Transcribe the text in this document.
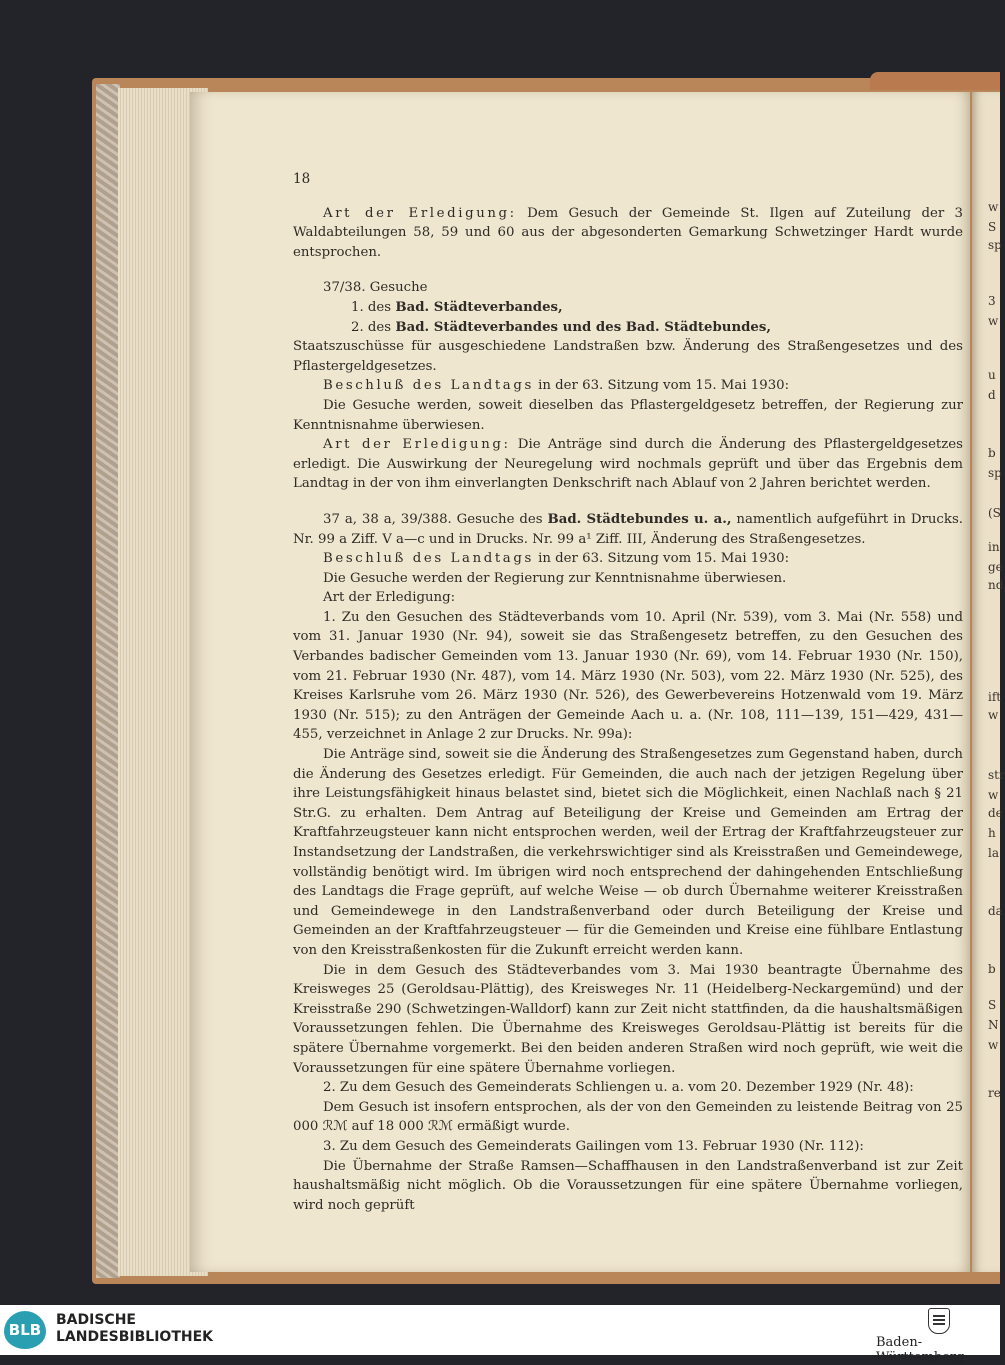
w
S
sp
3
w
u
d
b
sp
(S
in
ge
nd
ift
w
str
w
de
h
la
da
b
S
N
w
re
18

Art der Erledigung: Dem Gesuch der Gemeinde St. Ilgen auf Zuteilung der 3 Waldabteilungen 58, 59 und 60 aus der abgesonderten Gemarkung Schwetzinger Hardt wurde entsprochen.

37/38. Gesuche

1. des Bad. Städteverbandes,

2. des Bad. Städteverbandes und des Bad. Städtebundes,

Staatszuschüsse für ausgeschiedene Landstraßen bzw. Änderung des Straßengesetzes und des Pflastergeldgesetzes.

Beschluß des Landtags in der 63. Sitzung vom 15. Mai 1930:

Die Gesuche werden, soweit dieselben das Pflastergeldgesetz betreffen, der Regierung zur Kenntnisnahme überwiesen.

Art der Erledigung: Die Anträge sind durch die Änderung des Pflastergeldgesetzes erledigt. Die Auswirkung der Neuregelung wird nochmals geprüft und über das Ergebnis dem Landtag in der von ihm einverlangten Denkschrift nach Ablauf von 2 Jahren berichtet werden.

37 a, 38 a, 39/388. Gesuche des Bad. Städtebundes u. a., namentlich aufgeführt in Drucks. Nr. 99 a Ziff. V a—c und in Drucks. Nr. 99 a¹ Ziff. III, Änderung des Straßengesetzes.

Beschluß des Landtags in der 63. Sitzung vom 15. Mai 1930:

Die Gesuche werden der Regierung zur Kenntnisnahme überwiesen.

Art der Erledigung:

1. Zu den Gesuchen des Städteverbands vom 10. April (Nr. 539), vom 3. Mai (Nr. 558) und vom 31. Januar 1930 (Nr. 94), soweit sie das Straßengesetz betreffen, zu den Gesuchen des Verbandes badischer Gemeinden vom 13. Januar 1930 (Nr. 69), vom 14. Februar 1930 (Nr. 150), vom 21. Februar 1930 (Nr. 487), vom 14. März 1930 (Nr. 503), vom 22. März 1930 (Nr. 525), des Kreises Karlsruhe vom 26. März 1930 (Nr. 526), des Gewerbevereins Hotzenwald vom 19. März 1930 (Nr. 515); zu den Anträgen der Gemeinde Aach u. a. (Nr. 108, 111—139, 151—429, 431—455, verzeichnet in Anlage 2 zur Drucks. Nr. 99a):

Die Anträge sind, soweit sie die Änderung des Straßengesetzes zum Gegenstand haben, durch die Änderung des Gesetzes erledigt. Für Gemeinden, die auch nach der jetzigen Regelung über ihre Leistungsfähigkeit hinaus belastet sind, bietet sich die Möglichkeit, einen Nachlaß nach § 21 Str.G. zu erhalten. Dem Antrag auf Beteiligung der Kreise und Gemeinden am Ertrag der Kraftfahrzeugsteuer kann nicht entsprochen werden, weil der Ertrag der Kraftfahrzeugsteuer zur Instandsetzung der Landstraßen, die verkehrswichtiger sind als Kreisstraßen und Gemeindewege, vollständig benötigt wird. Im übrigen wird noch entsprechend der dahingehenden Entschließung des Landtags die Frage geprüft, auf welche Weise — ob durch Übernahme weiterer Kreisstraßen und Gemeindewege in den Landstraßenverband oder durch Beteiligung der Kreise und Gemeinden an der Kraftfahrzeugsteuer — für die Gemeinden und Kreise eine fühlbare Entlastung von den Kreisstraßenkosten für die Zukunft erreicht werden kann.

Die in dem Gesuch des Städteverbandes vom 3. Mai 1930 beantragte Übernahme des Kreisweges 25 (Geroldsau-Plättig), des Kreisweges Nr. 11 (Heidelberg-Neckargemünd) und der Kreisstraße 290 (Schwetzingen-Walldorf) kann zur Zeit nicht stattfinden, da die haushaltsmäßigen Voraussetzungen fehlen. Die Übernahme des Kreisweges Geroldsau-Plättig ist bereits für die spätere Übernahme vorgemerkt. Bei den beiden anderen Straßen wird noch geprüft, wie weit die Voraussetzungen für eine spätere Übernahme vorliegen.

2. Zu dem Gesuch des Gemeinderats Schliengen u. a. vom 20. Dezember 1929 (Nr. 48):

Dem Gesuch ist insofern entsprochen, als der von den Gemeinden zu leistende Beitrag von 25 000 ℛℳ auf 18 000 ℛℳ ermäßigt wurde.

3. Zu dem Gesuch des Gemeinderats Gailingen vom 13. Februar 1930 (Nr. 112):

Die Übernahme der Straße Ramsen—Schaffhausen in den Landstraßenverband ist zur Zeit haushaltsmäßig nicht möglich. Ob die Voraussetzungen für eine spätere Übernahme vorliegen, wird noch geprüft

BLB
BADISCHE
LANDESBIBLIOTHEK	Baden-Württemberg
